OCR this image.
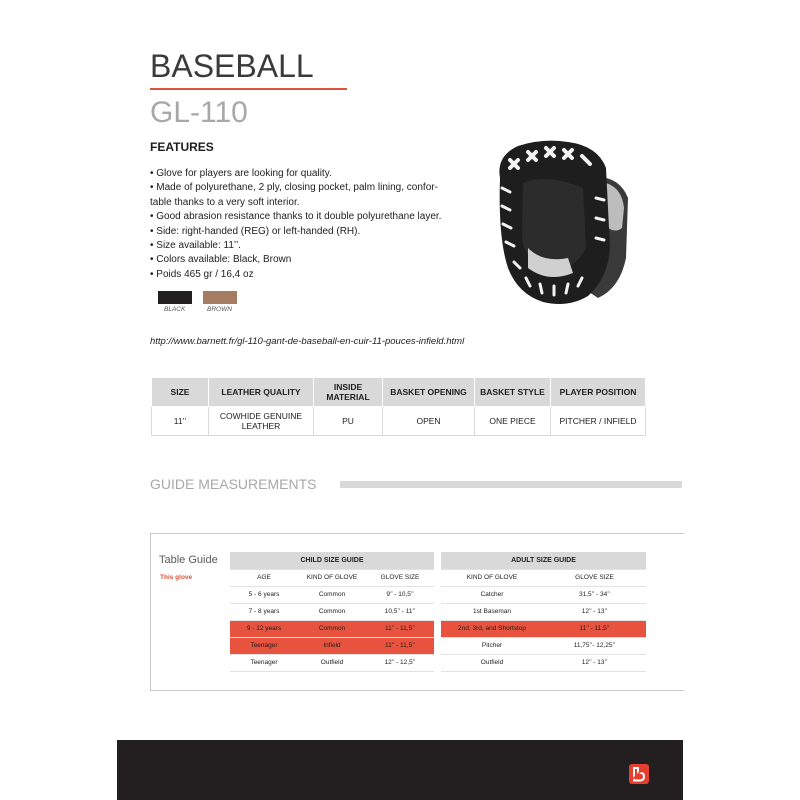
BASEBALL
GL-110
FEATURES
• Glove for players are looking for quality.
• Made of polyurethane, 2 ply, closing pocket, palm lining, confor-
table thanks to a very soft interior.
• Good abrasion resistance thanks to it double polyurethane layer.
• Side: right-handed (REG) or left-handed (RH).
• Size available: 11’’.
• Colors available: Black, Brown
• Poids 465 gr / 16,4 oz
BLACK	BROWN
http://www.barnett.fr/gl-110-gant-de-baseball-en-cuir-11-pouces-infield.html
SIZE	LEATHER QUALITY	INSIDE MATERIAL	BASKET OPENING	BASKET STYLE	PLAYER POSITION
11’’	COWHIDE GENUINE LEATHER	PU	OPEN	ONE PIECE	PITCHER / INFIELD
GUIDE MEASUREMENTS
Table Guide
This glove
CHILD SIZE GUIDE		
AGE	KIND OF GLOVE	GLOVE SIZE
5 - 6 years	Common	9’’ - 10,5’’
7 - 8 years	Common	10,5’’ - 11’’
9 - 12 years	Common	11’’ - 11,5’’
Teenager	Infield	11’’ - 11,5’’
Teenager	Outfield	12’’ - 12,5’’
ADULT SIZE GUIDE	
KIND OF GLOVE	GLOVE SIZE
Catcher	31,5’’ - 34’’
1st Baseman	12’’ - 13’’
2nd, 3rd, and Shortstop	11’’ - 11,5’’
Pitcher	11,75’’- 12,25’’
Outfield	12’’ - 13’’
